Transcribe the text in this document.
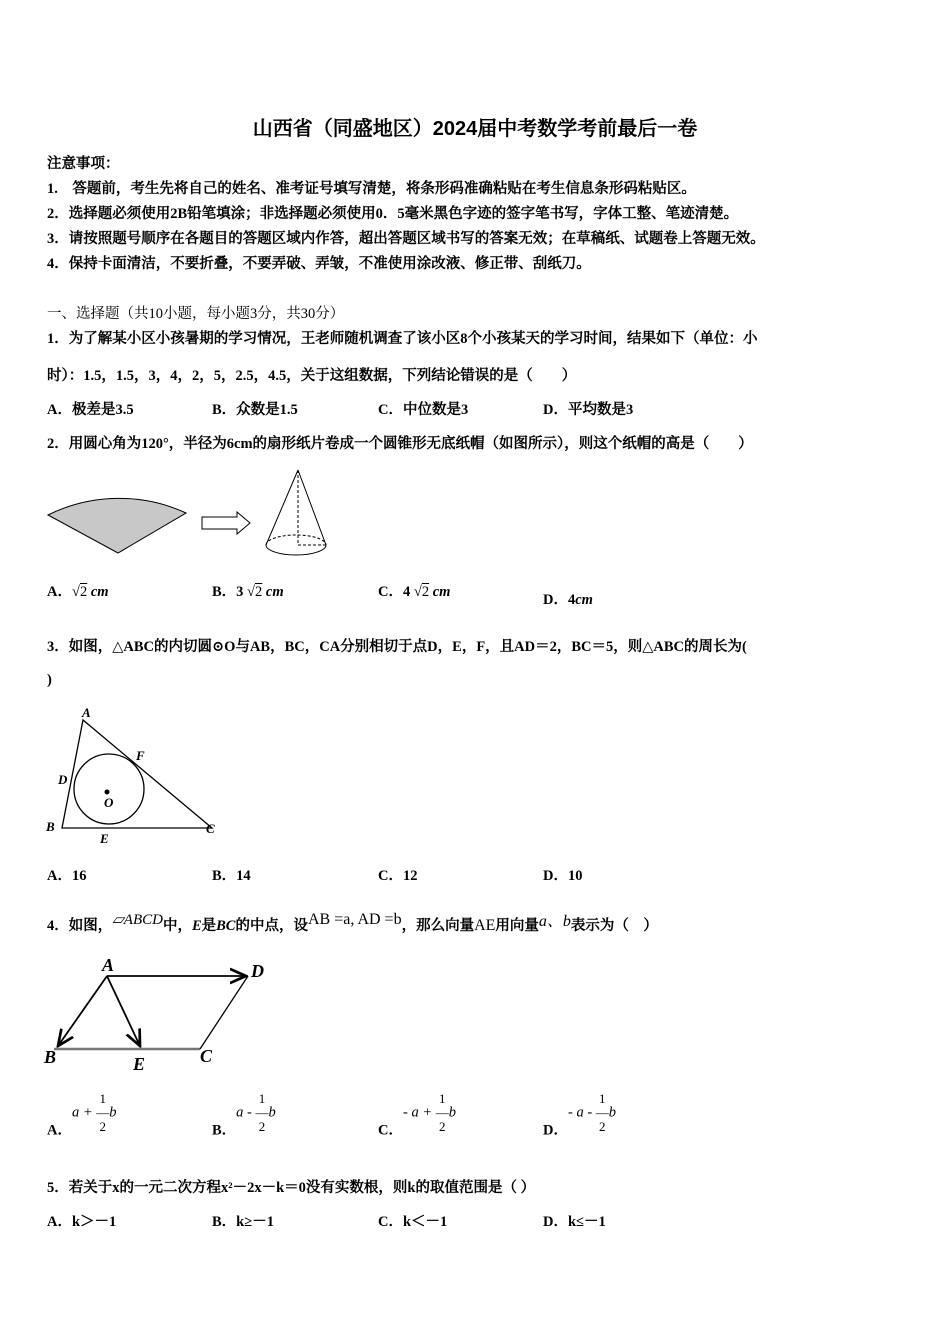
山西省（同盛地区）2024届中考数学考前最后一卷
注意事项：
1.　答题前，考生先将自己的姓名、准考证号填写清楚，将条形码准确粘贴在考生信息条形码粘贴区。
2．选择题必须使用2B铅笔填涂；非选择题必须使用0．5毫米黑色字迹的签字笔书写，字体工整、笔迹清楚。
3．请按照题号顺序在各题目的答题区域内作答，超出答题区域书写的答案无效；在草稿纸、试题卷上答题无效。
4．保持卡面清洁，不要折叠，不要弄破、弄皱，不准使用涂改液、修正带、刮纸刀。
一、选择题（共10小题，每小题3分，共30分）
1．为了解某小区小孩暑期的学习情况，王老师随机调查了该小区8个小孩某天的学习时间，结果如下（单位：小
时）：1.5，1.5，3，4，2，5，2.5，4.5，关于这组数据，下列结论错误的是（　　）
A．极差是3.5	B．众数是1.5	C．中位数是3	D．平均数是3
2．用圆心角为120°，半径为6cm的扇形纸片卷成一个圆锥形无底纸帽（如图所示），则这个纸帽的高是（　　）
A．√2 cm	B．3 √2 cm	C．4 √2 cm	D．4cm
3．如图，△ABC的内切圆⊙O与AB，BC，CA分别相切于点D，E，F，且AD＝2，BC＝5，则△ABC的周长为(
)
A
B	C
D
E
F
O
A．16	B．14	C．12	D．10
4．如图，▱ABCD中，E是BC的中点，设AB =a, AD =b，那么向量AE用向量a、b表示为（　）
A
B	C
D
E
A．a + 1
—
2b
B．a - 1
—
2b
C．- a + 1
—
2b
D．- a - 1
—
2b
5．若关于x的一元二次方程x²－2x－k＝0没有实数根，则k的取值范围是（ ）
A．k＞－1	B．k≥－1	C．k＜－1	D．k≤－1
